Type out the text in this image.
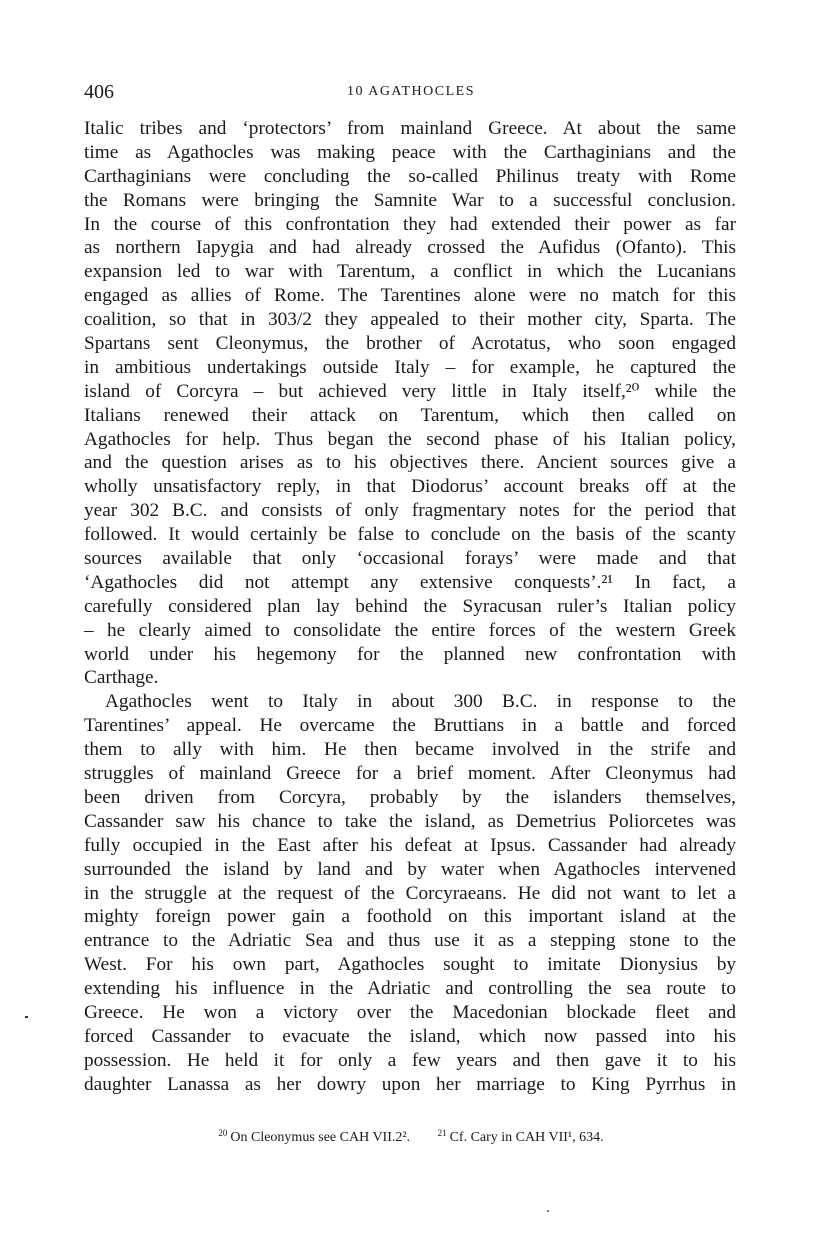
406	10 AGATHOCLES
Italic tribes and ‘protectors’ from mainland Greece. At about the same
time as Agathocles was making peace with the Carthaginians and the
Carthaginians were concluding the so-called Philinus treaty with Rome
the Romans were bringing the Samnite War to a successful conclusion.
In the course of this confrontation they had extended their power as far
as northern Iapygia and had already crossed the Aufidus (Ofanto). This
expansion led to war with Tarentum, a conflict in which the Lucanians
engaged as allies of Rome. The Tarentines alone were no match for this
coalition, so that in 303/2 they appealed to their mother city, Sparta. The
Spartans sent Cleonymus, the brother of Acrotatus, who soon engaged
in ambitious undertakings outside Italy – for example, he captured the
island of Corcyra – but achieved very little in Italy itself,²⁰ while the
Italians renewed their attack on Tarentum, which then called on
Agathocles for help. Thus began the second phase of his Italian policy,
and the question arises as to his objectives there. Ancient sources give a
wholly unsatisfactory reply, in that Diodorus’ account breaks off at the
year 302 B.C. and consists of only fragmentary notes for the period that
followed. It would certainly be false to conclude on the basis of the scanty
sources available that only ‘occasional forays’ were made and that
‘Agathocles did not attempt any extensive conquests’.²¹ In fact, a
carefully considered plan lay behind the Syracusan ruler’s Italian policy
– he clearly aimed to consolidate the entire forces of the western Greek
world under his hegemony for the planned new confrontation with
Carthage.
Agathocles went to Italy in about 300 B.C. in response to the
Tarentines’ appeal. He overcame the Bruttians in a battle and forced
them to ally with him. He then became involved in the strife and
struggles of mainland Greece for a brief moment. After Cleonymus had
been driven from Corcyra, probably by the islanders themselves,
Cassander saw his chance to take the island, as Demetrius Poliorcetes was
fully occupied in the East after his defeat at Ipsus. Cassander had already
surrounded the island by land and by water when Agathocles intervened
in the struggle at the request of the Corcyraeans. He did not want to let a
mighty foreign power gain a foothold on this important island at the
entrance to the Adriatic Sea and thus use it as a stepping stone to the
West. For his own part, Agathocles sought to imitate Dionysius by
extending his influence in the Adriatic and controlling the sea route to
Greece. He won a victory over the Macedonian blockade fleet and
forced Cassander to evacuate the island, which now passed into his
possession. He held it for only a few years and then gave it to his
daughter Lanassa as her dowry upon her marriage to King Pyrrhus in
$^{20}$ On Cleonymus see CAH VII.2².	$^{21}$ Cf. Cary in CAH VII¹, 634.
